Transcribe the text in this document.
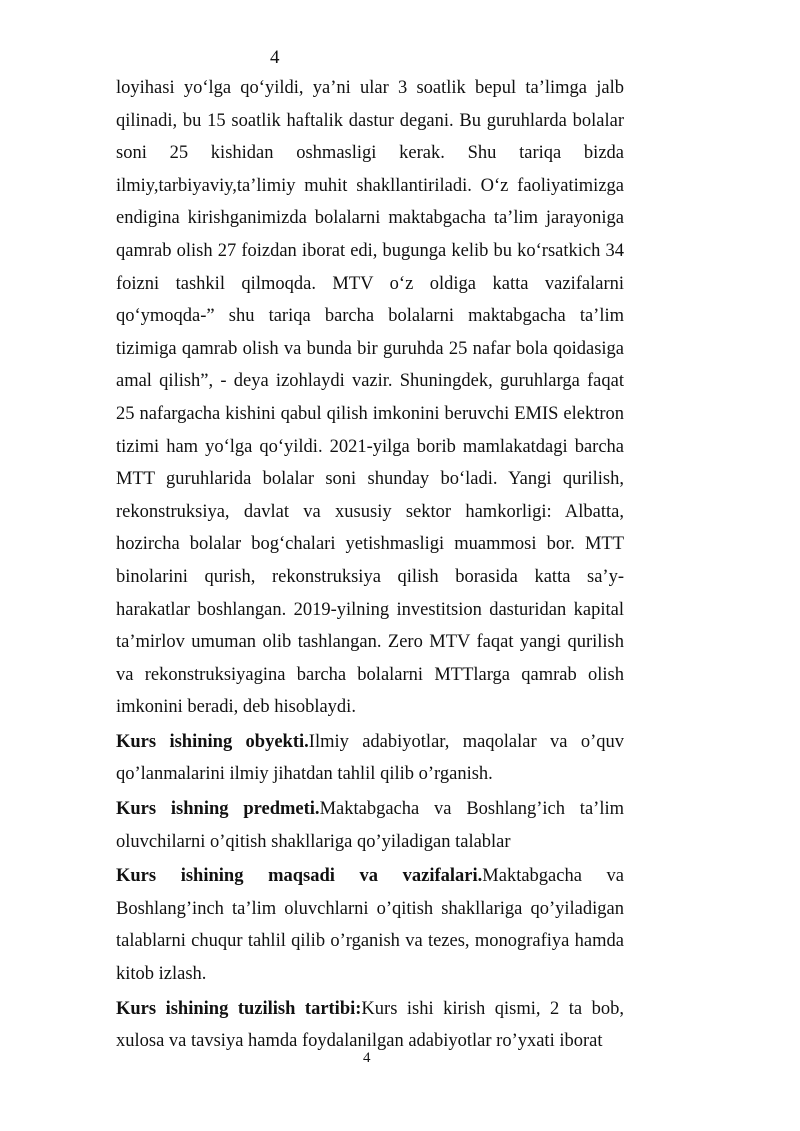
4

loyihasi yo‘lga qo‘yildi, ya’ni ular 3 soatlik bepul ta’limga jalb qilinadi, bu 15 soatlik haftalik dastur degani. Bu guruhlarda bolalar soni 25 kishidan oshmasligi kerak. Shu tariqa bizda ilmiy,tarbiyaviy,ta’limiy muhit shakllantiriladi. O‘z faoliyatimizga endigina kirishganimizda bolalarni maktabgacha ta’lim jarayoniga qamrab olish 27 foizdan iborat edi, bugunga kelib bu ko‘rsatkich 34 foizni tashkil qilmoqda. MTV o‘z oldiga katta vazifalarni qo‘ymoqda-” shu tariqa barcha bolalarni maktabgacha ta’lim tizimiga qamrab olish va bunda bir guruhda 25 nafar bola qoidasiga amal qilish”, - deya izohlaydi vazir. Shuningdek, guruhlarga faqat 25 nafargacha kishini qabul qilish imkonini beruvchi EMIS elektron tizimi ham yo‘lga qo‘yildi. 2021-yilga borib mamlakatdagi barcha MTT guruhlarida bolalar soni shunday bo‘ladi. Yangi qurilish, rekonstruksiya, davlat va xususiy sektor hamkorligi: Albatta, hozircha bolalar bog‘chalari yetishmasligi muammosi bor. MTT binolarini qurish, rekonstruksiya qilish borasida katta sa’y-harakatlar boshlangan. 2019-yilning investitsion dasturidan kapital ta’mirlov umuman olib tashlangan. Zero MTV faqat yangi qurilish va rekonstruksiyagina barcha bolalarni MTTlarga qamrab olish imkonini beradi, deb hisoblaydi.

Kurs ishining obyekti.Ilmiy adabiyotlar, maqolalar va o’quv qo’lanmalarini ilmiy jihatdan tahlil qilib o’rganish.

Kurs ishning predmeti.Maktabgacha va Boshlang’ich ta’lim oluvchilarni o’qitish shakllariga qo’yiladigan talablar

Kurs ishining maqsadi va vazifalari.Maktabgacha va Boshlang’inch ta’lim oluvchlarni o’qitish shakllariga qo’yiladigan talablarni chuqur tahlil qilib o’rganish va tezes, monografiya hamda kitob izlash.

Kurs ishining tuzilish tartibi:Kurs ishi kirish qismi, 2 ta bob, xulosa va tavsiya hamda foydalanilgan adabiyotlar ro’yxati iborat

4
